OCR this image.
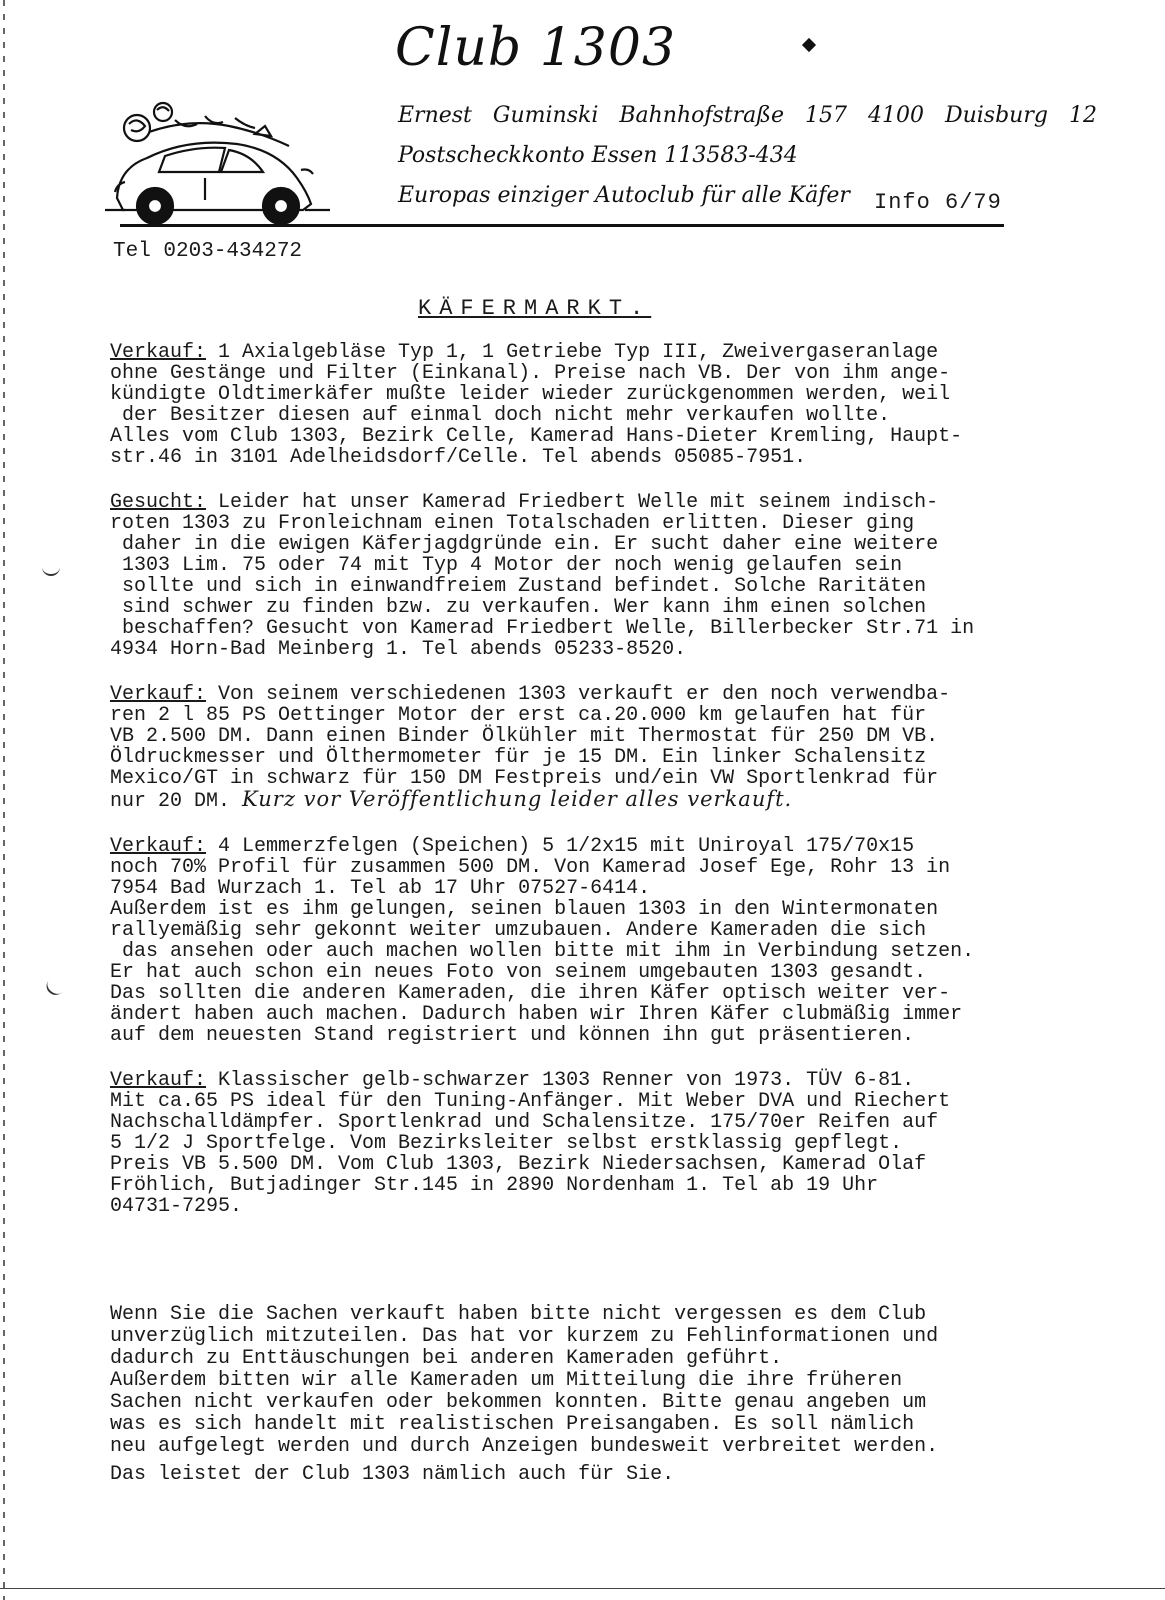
Club 1303
Ernest Guminski Bahnhofstraße 157 4100 Duisburg 12
Postscheckkonto Essen 113583-434
Europas einziger Autoclub für alle Käfer Info 6/79
Tel 0203-434272
KÄFERMARKT.
Verkauf: 1 Axialgebläse Typ 1, 1 Getriebe Typ III, Zweivergaseranlage
ohne Gestänge und Filter (Einkanal). Preise nach VB. Der von ihm ange-
kündigte Oldtimerkäfer mußte leider wieder zurückgenommen werden, weil
der Besitzer diesen auf einmal doch nicht mehr verkaufen wollte.
Alles vom Club 1303, Bezirk Celle, Kamerad Hans-Dieter Kremling, Haupt-
str.46 in 3101 Adelheidsdorf/Celle. Tel abends 05085-7951.
Gesucht: Leider hat unser Kamerad Friedbert Welle mit seinem indisch-
roten 1303 zu Fronleichnam einen Totalschaden erlitten. Dieser ging
daher in die ewigen Käferjagdgründe ein. Er sucht daher eine weitere
1303 Lim. 75 oder 74 mit Typ 4 Motor der noch wenig gelaufen sein
sollte und sich in einwandfreiem Zustand befindet. Solche Raritäten
sind schwer zu finden bzw. zu verkaufen. Wer kann ihm einen solchen
beschaffen? Gesucht von Kamerad Friedbert Welle, Billerbecker Str.71 in
4934 Horn-Bad Meinberg 1. Tel abends 05233-8520.
Verkauf: Von seinem verschiedenen 1303 verkauft er den noch verwendba-
ren 2 l 85 PS Oettinger Motor der erst ca.20.000 km gelaufen hat für
VB 2.500 DM. Dann einen Binder Ölkühler mit Thermostat für 250 DM VB.
Öldruckmesser und Ölthermometer für je 15 DM. Ein linker Schalensitz
Mexico/GT in schwarz für 150 DM Festpreis und/ein VW Sportlenkrad für
nur 20 DM. Kurz vor Veröffentlichung leider alles verkauft.
Verkauf: 4 Lemmerzfelgen (Speichen) 5 1/2x15 mit Uniroyal 175/70x15
noch 70% Profil für zusammen 500 DM. Von Kamerad Josef Ege, Rohr 13 in
7954 Bad Wurzach 1. Tel ab 17 Uhr 07527-6414.
Außerdem ist es ihm gelungen, seinen blauen 1303 in den Wintermonaten
rallyemäßig sehr gekonnt weiter umzubauen. Andere Kameraden die sich
das ansehen oder auch machen wollen bitte mit ihm in Verbindung setzen.
Er hat auch schon ein neues Foto von seinem umgebauten 1303 gesandt.
Das sollten die anderen Kameraden, die ihren Käfer optisch weiter ver-
ändert haben auch machen. Dadurch haben wir Ihren Käfer clubmäßig immer
auf dem neuesten Stand registriert und können ihn gut präsentieren.
Verkauf: Klassischer gelb-schwarzer 1303 Renner von 1973. TÜV 6-81.
Mit ca.65 PS ideal für den Tuning-Anfänger. Mit Weber DVA und Riechert
Nachschalldämpfer. Sportlenkrad und Schalensitze. 175/70er Reifen auf
5 1/2 J Sportfelge. Vom Bezirksleiter selbst erstklassig gepflegt.
Preis VB 5.500 DM. Vom Club 1303, Bezirk Niedersachsen, Kamerad Olaf
Fröhlich, Butjadinger Str.145 in 2890 Nordenham 1. Tel ab 19 Uhr
04731-7295.
Wenn Sie die Sachen verkauft haben bitte nicht vergessen es dem Club
unverzüglich mitzuteilen. Das hat vor kurzem zu Fehlinformationen und
dadurch zu Enttäuschungen bei anderen Kameraden geführt.
Außerdem bitten wir alle Kameraden um Mitteilung die ihre früheren
Sachen nicht verkaufen oder bekommen konnten. Bitte genau angeben um
was es sich handelt mit realistischen Preisangaben. Es soll nämlich
neu aufgelegt werden und durch Anzeigen bundesweit verbreitet werden.
Das leistet der Club 1303 nämlich auch für Sie.
